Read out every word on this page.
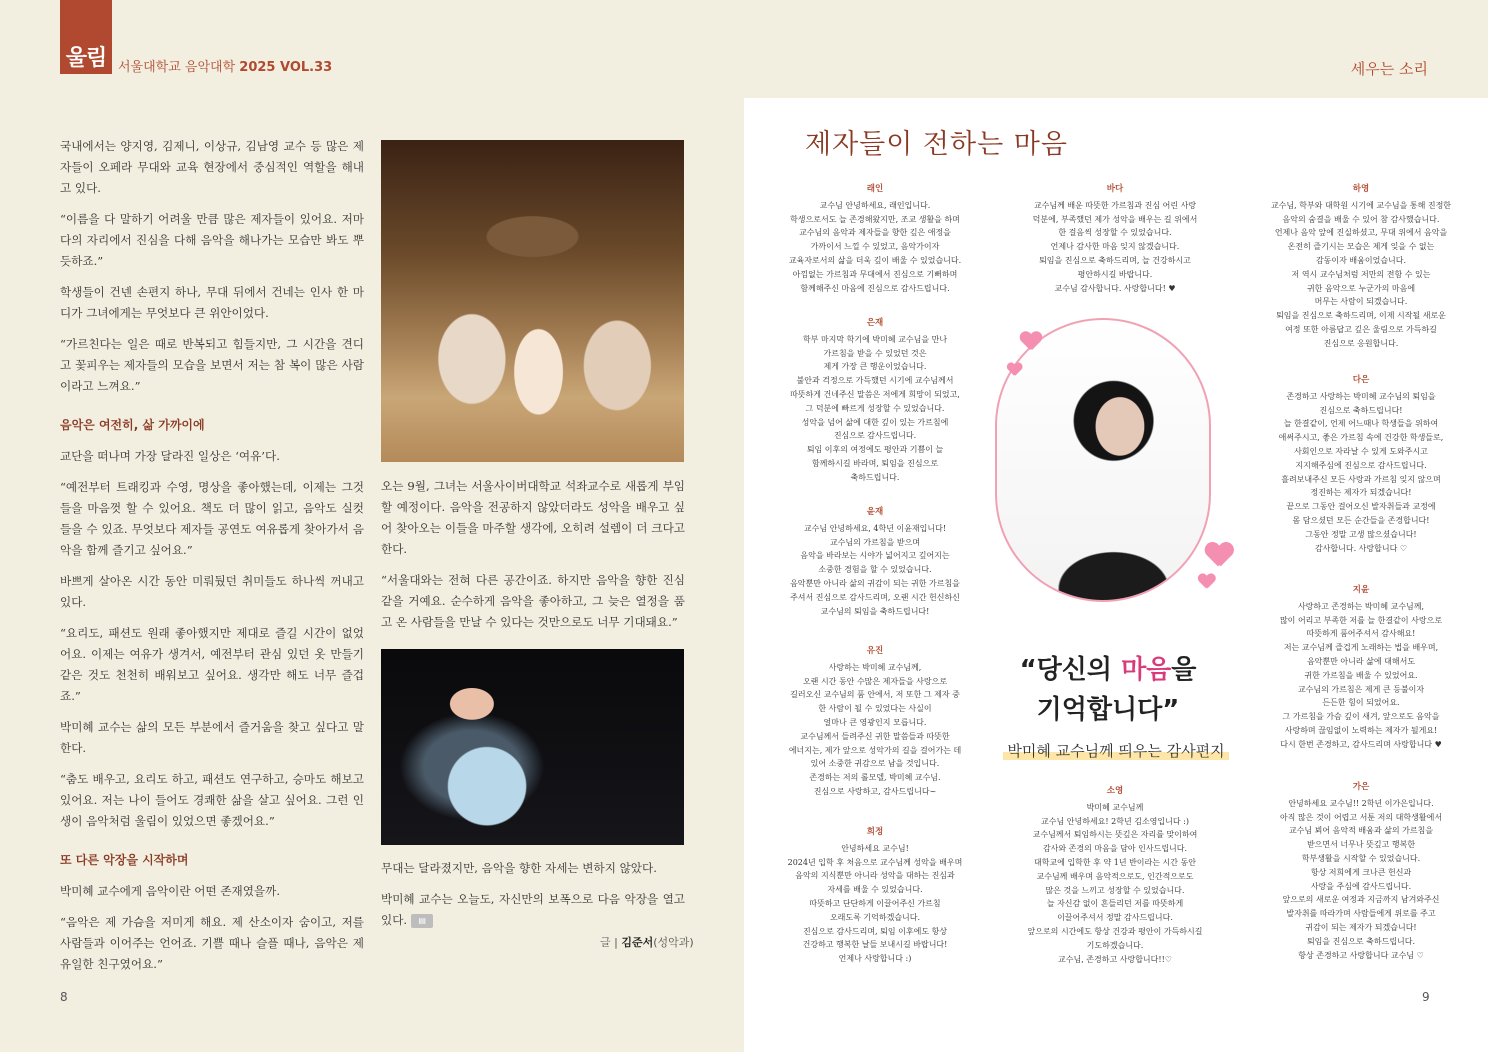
울림 서울대학교 음악대학 2025 VOL.33	세우는 소리

국내에서는 양지영, 김제니, 이상규, 김남영 교수 등 많은 제자들이 오페라 무대와 교육 현장에서 중심적인 역할을 해내고 있다.

“이름을 다 말하기 어려울 만큼 많은 제자들이 있어요. 저마다의 자리에서 진심을 다해 음악을 해나가는 모습만 봐도 뿌듯하죠.”

학생들이 건넨 손편지 하나, 무대 뒤에서 건네는 인사 한 마디가 그녀에게는 무엇보다 큰 위안이었다.

“가르친다는 일은 때로 반복되고 힘들지만, 그 시간을 견디고 꽃피우는 제자들의 모습을 보면서 저는 참 복이 많은 사람이라고 느껴요.”

음악은 여전히, 삶 가까이에

교단을 떠나며 가장 달라진 일상은 ‘여유’다.

“예전부터 트래킹과 수영, 명상을 좋아했는데, 이제는 그것들을 마음껏 할 수 있어요. 책도 더 많이 읽고, 음악도 실컷 들을 수 있죠. 무엇보다 제자들 공연도 여유롭게 찾아가서 음악을 함께 즐기고 싶어요.”

바쁘게 살아온 시간 동안 미뤄뒀던 취미들도 하나씩 꺼내고 있다.

“요리도, 패션도 원래 좋아했지만 제대로 즐길 시간이 없었어요. 이제는 여유가 생겨서, 예전부터 관심 있던 옷 만들기 같은 것도 천천히 배워보고 싶어요. 생각만 해도 너무 즐겁죠.”

박미혜 교수는 삶의 모든 부분에서 즐거움을 찾고 싶다고 말한다.

“춤도 배우고, 요리도 하고, 패션도 연구하고, 승마도 해보고 있어요. 저는 나이 들어도 경쾌한 삶을 살고 싶어요. 그런 인생이 음악처럼 울림이 있었으면 좋겠어요.”

또 다른 악장을 시작하며

박미혜 교수에게 음악이란 어떤 존재였을까.

“음악은 제 가슴을 저미게 해요. 제 산소이자 숨이고, 저를 사람들과 이어주는 언어죠. 기쁠 때나 슬플 때나, 음악은 제 유일한 친구였어요.”

오는 9월, 그녀는 서울사이버대학교 석좌교수로 새롭게 부임할 예정이다. 음악을 전공하지 않았더라도 성악을 배우고 싶어 찾아오는 이들을 마주할 생각에, 오히려 설렘이 더 크다고 한다.

“서울대와는 전혀 다른 공간이죠. 하지만 음악을 향한 진심같을 거예요. 순수하게 음악을 좋아하고, 그 늦은 열정을 품고 온 사람들을 만날 수 있다는 것만으로도 너무 기대돼요.”

무대는 달라졌지만, 음악을 향한 자세는 변하지 않았다.

박미혜 교수는 오늘도, 자신만의 보폭으로 다음 악장을 열고 있다. ▤

글 | 김준서(성악과)
8	9
제자들이 전하는 마음
래인
교수님 안녕하세요, 래인입니다.
학생으로서도 늘 존경해왔지만, 조교 생활을 하며
교수님의 음악과 제자들을 향한 깊은 애정을
가까이서 느낄 수 있었고, 음악가이자
교육자로서의 삶을 더욱 깊이 배울 수 있었습니다.
아낌없는 가르침과 무대에서 진심으로 기뻐하며
함께해주신 마음에 진심으로 감사드립니다.
은재
학부 마지막 학기에 박미혜 교수님을 만나
가르침을 받을 수 있었던 것은
제게 가장 큰 행운이었습니다.
불안과 걱정으로 가득했던 시기에 교수님께서
따뜻하게 건네주신 말씀은 저에게 희망이 되었고,
그 덕분에 빠르게 성장할 수 있었습니다.
성악을 넘어 삶에 대한 깊이 있는 가르침에
진심으로 감사드립니다.
퇴임 이후의 여정에도 평안과 기쁨이 늘
함께하시길 바라며, 퇴임을 진심으로
축하드립니다.
윤재
교수님 안녕하세요, 4학년 이윤재입니다!
교수님의 가르침을 받으며
음악을 바라보는 시야가 넓어지고 깊어지는
소중한 경험을 할 수 있었습니다.
음악뿐만 아니라 삶의 귀감이 되는 귀한 가르침을
주셔서 진심으로 감사드리며, 오랜 시간 헌신하신
교수님의 퇴임을 축하드립니다!
유진
사랑하는 박미혜 교수님께,
오랜 시간 동안 수많은 제자들을 사랑으로
길러오신 교수님의 품 안에서, 저 또한 그 제자 중
한 사람이 될 수 있었다는 사실이
얼마나 큰 영광인지 모릅니다.
교수님께서 들려주신 귀한 말씀들과 따뜻한
에너지는, 제가 앞으로 성악가의 길을 걸어가는 데
있어 소중한 귀감으로 남을 것입니다.
존경하는 저의 롤모델, 박미혜 교수님.
진심으로 사랑하고, 감사드립니다~
희정
안녕하세요 교수님!
2024년 입학 후 처음으로 교수님께 성악을 배우며
음악의 지식뿐만 아니라 성악을 대하는 진심과
자세를 배울 수 있었습니다.
따뜻하고 단단하게 이끌어주신 가르침
오래도록 기억하겠습니다.
진심으로 감사드리며, 퇴임 이후에도 항상
건강하고 행복한 날들 보내시길 바랍니다!
언제나 사랑합니다 :)
바다
교수님께 배운 따뜻한 가르침과 진심 어린 사랑
덕분에, 부족했던 제가 성악을 배우는 길 위에서
한 걸음씩 성장할 수 있었습니다.
언제나 감사한 마음 잊지 않겠습니다.
퇴임을 진심으로 축하드리며, 늘 건강하시고
평안하시길 바랍니다.
교수님 감사합니다. 사랑합니다! ♥
소영
박미혜 교수님께
교수님 안녕하세요! 2학년 김소영입니다 :)
교수님께서 퇴임하시는 뜻깊은 자리를 맞이하여
감사와 존경의 마음을 담아 인사드립니다.
대학교에 입학한 후 약 1년 반이라는 시간 동안
교수님께 배우며 음악적으로도, 인간적으로도
많은 것을 느끼고 성장할 수 있었습니다.
늘 자신감 없이 흔들리던 저를 따뜻하게
이끌어주셔서 정말 감사드립니다.
앞으로의 시간에도 항상 건강과 평안이 가득하시길
기도하겠습니다.
교수님, 존경하고 사랑합니다!!♡
하영
교수님, 학부와 대학원 시기에 교수님을 통해 진정한
음악의 숨결을 배울 수 있어 참 감사했습니다.
언제나 음악 앞에 진실하셨고, 무대 위에서 음악을
온전히 즐기시는 모습은 제게 잊을 수 없는
감동이자 배움이었습니다.
저 역시 교수님처럼 저만의 전함 수 있는
귀한 음악으로 누군가의 마음에
머무는 사람이 되겠습니다.
퇴임을 진심으로 축하드리며, 이제 시작될 새로운
여정 또한 아름답고 깊은 울림으로 가득하길
진심으로 응원합니다.
다은
존경하고 사랑하는 박미혜 교수님의 퇴임을
진심으로 축하드립니다!
늘 한결같이, 언제 어느때나 학생들을 위하여
애써주시고, 좋은 가르침 속에 건강한 학생들로,
사회인으로 자라날 수 있게 도와주시고
지지해주심에 진심으로 감사드립니다.
흘려보내주신 모든 사랑과 가르침 잊지 않으며
정진하는 제자가 되겠습니다!
끝으로 그동안 걸어오신 발자취들과 교정에
몸 담으셨던 모든 순간들을 존경합니다!
그동안 정말 고생 많으셨습니다!
감사합니다. 사랑합니다 ♡
지윤
사랑하고 존경하는 박미혜 교수님께,
많이 어리고 부족한 저를 늘 한결같이 사랑으로
따뜻하게 품어주셔서 감사해요!
저는 교수님께 즐겁게 노래하는 법을 배우며,
음악뿐만 아니라 삶에 대해서도
귀한 가르침을 배울 수 있었어요.
교수님의 가르침은 제게 큰 등불이자
든든한 힘이 되었어요.
그 가르침을 가슴 깊이 새겨, 앞으로도 음악을
사랑하며 끊임없이 노력하는 제자가 될게요!
다시 한번 존경하고, 감사드리며 사랑합니다 ♥
가은
안녕하세요 교수님!! 2학년 이가은입니다.
아직 많은 것이 어렵고 서툰 저의 대학생활에서
교수님 뵈어 음악적 배움과 삶의 가르침을
받으면서 너무나 뜻깊고 행복한
학부생활을 시작할 수 있었습니다.
항상 저희에게 크나큰 헌신과
사랑을 주심에 감사드립니다.
앞으로의 새로운 여정과 지금까지 남겨와주신
발자취를 따라가며 사람들에게 위로를 주고
귀감이 되는 제자가 되겠습니다!
퇴임을 진심으로 축하드립니다.
항상 존경하고 사랑합니다 교수님 ♡
“당신의 마음을
기억합니다”
박미혜 교수님께 띄우는 감사편지
